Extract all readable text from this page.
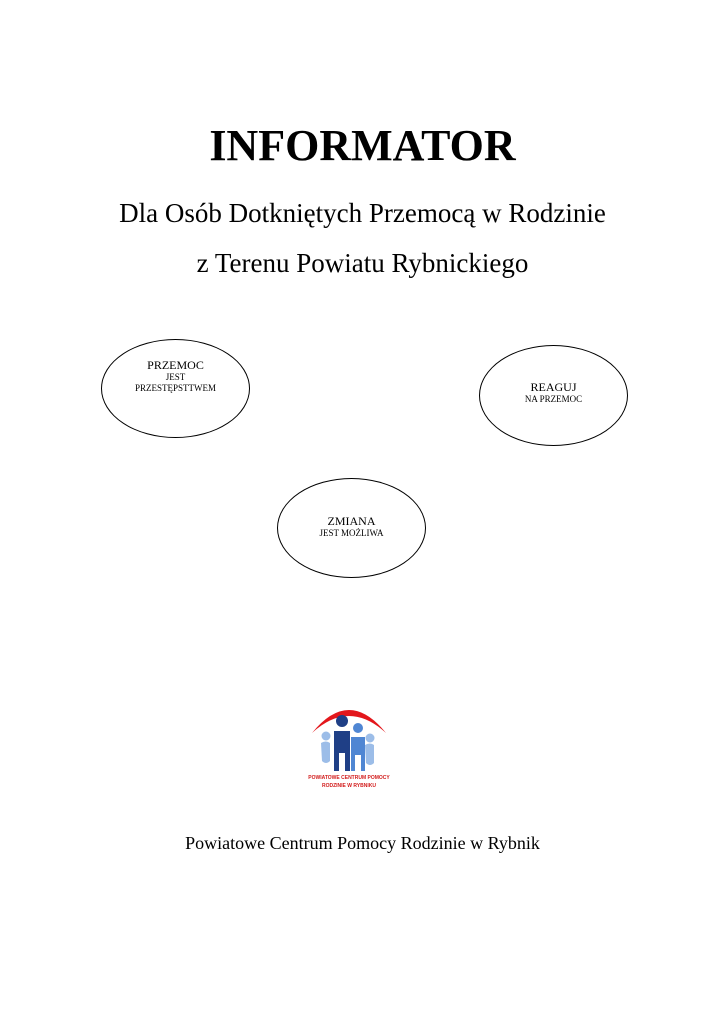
INFORMATOR
Dla Osób Dotkniętych Przemocą w Rodzinie
z Terenu Powiatu Rybnickiego
PRZEMOC
JEST
PRZESTĘPSTTWEM	REAGUJ
NA PRZEMOC
ZMIANA
JEST MOŻLIWA
POWIATOWE CENTRUM POMOCY
RODZINIE W RYBNIKU
Powiatowe Centrum Pomocy Rodzinie w Rybnik
